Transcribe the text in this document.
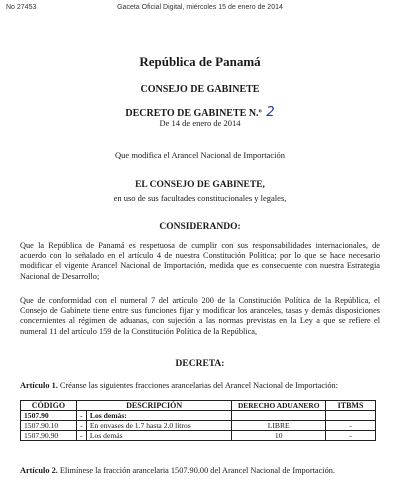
No 27453	Gaceta Oficial Digital, miércoles 15 de enero de 2014
República de Panamá
CONSEJO DE GABINETE
DECRETO DE GABINETE N.º 2
De 14 de enero de 2014
Que modifica el Arancel Nacional de Importación
EL CONSEJO DE GABINETE,
en uso de sus facultades constitucionales y legales,
CONSIDERANDO:
Que la República de Panamá es respetuosa de cumplir con sus responsabilidades internacionales, de acuerdo con lo señalado en el artículo 4 de nuestra Constitución Política; por lo que se hace necesario modificar el vigente Arancel Nacional de Importación, medida que es consecuente con nuestra Estrategia Nacional de Desarrollo;
Que de conformidad con el numeral 7 del artículo 200 de la Constitución Política de la República, el Consejo de Gabinete tiene entre sus funciones fijar y modificar los aranceles, tasas y demás disposiciones concernientes al régimen de aduanas, con sujeción a las normas previstas en la Ley a que se refiere el numeral 11 del artículo 159 de la Constitución Política de la República,
DECRETA:
Artículo 1. Créanse las siguientes fracciones arancelarias del Arancel Nacional de Importación:
CÓDIGO	DESCRIPCIÓN		DERECHO ADUANERO	ITBMS
1507.90	-	Los demás:		
1507.90.10	-	En envases de 1.7 hasta 2.0 litros	LIBRE	-
1507.90.90	-	Los demás	10	-
Artículo 2. Elimínese la fracción arancelaria 1507.90.00 del Arancel Nacional de Importación.
